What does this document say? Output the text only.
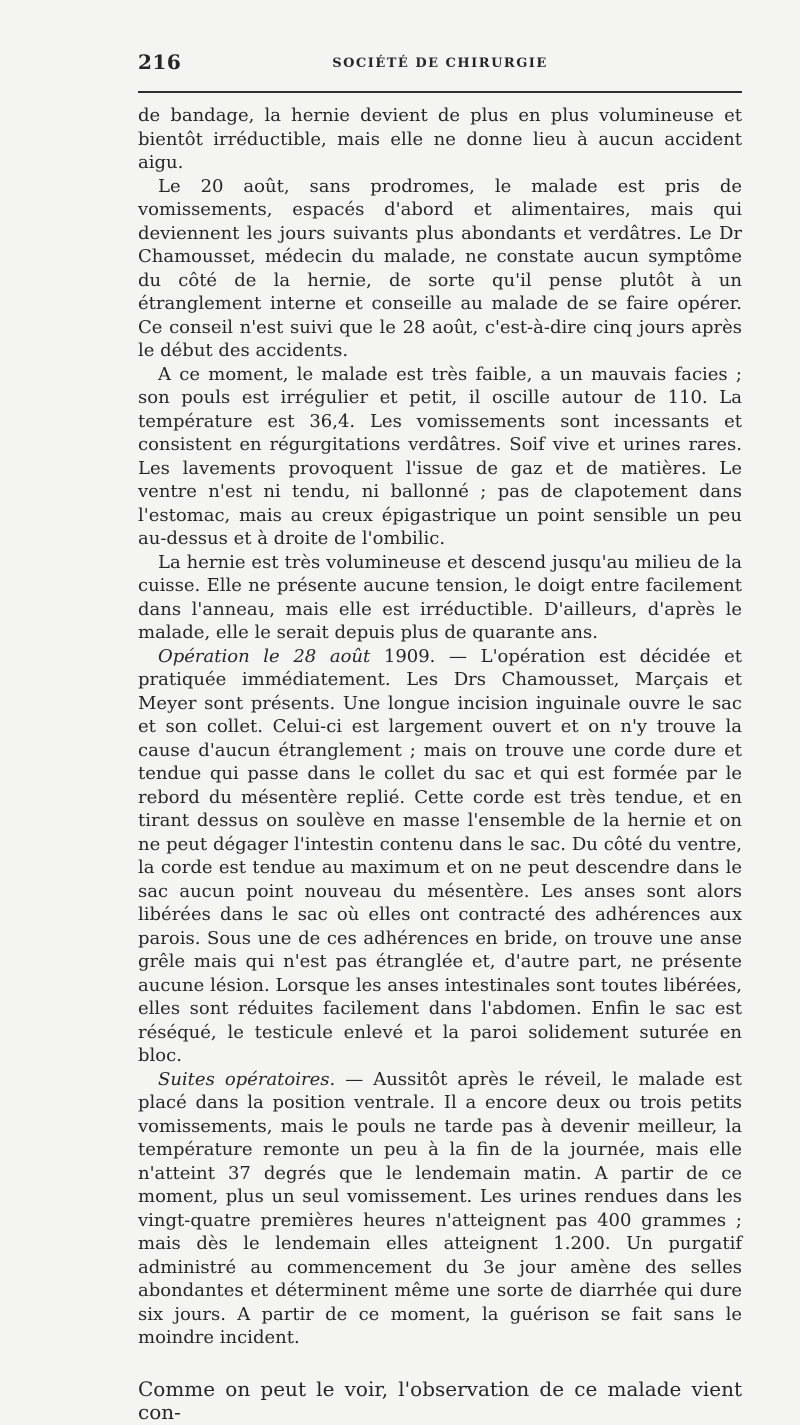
216	SOCIÉTÉ DE CHIRURGIE

de bandage, la hernie devient de plus en plus volumineuse et bientôt irréductible, mais elle ne donne lieu à aucun accident aigu.

Le 20 août, sans prodromes, le malade est pris de vomissements, espacés d'abord et alimentaires, mais qui deviennent les jours suivants plus abondants et verdâtres. Le Dr Chamousset, médecin du malade, ne constate aucun symptôme du côté de la hernie, de sorte qu'il pense plutôt à un étranglement interne et conseille au malade de se faire opérer. Ce conseil n'est suivi que le 28 août, c'est-à-dire cinq jours après le début des accidents.

A ce moment, le malade est très faible, a un mauvais facies ; son pouls est irrégulier et petit, il oscille autour de 110. La température est 36,4. Les vomissements sont incessants et consistent en régurgitations verdâtres. Soif vive et urines rares. Les lavements provoquent l'issue de gaz et de matières. Le ventre n'est ni tendu, ni ballonné ; pas de clapotement dans l'estomac, mais au creux épigastrique un point sensible un peu au-dessus et à droite de l'ombilic.

La hernie est très volumineuse et descend jusqu'au milieu de la cuisse. Elle ne présente aucune tension, le doigt entre facilement dans l'anneau, mais elle est irréductible. D'ailleurs, d'après le malade, elle le serait depuis plus de quarante ans.

Opération le 28 août 1909. — L'opération est décidée et pratiquée immédiatement. Les Drs Chamousset, Marçais et Meyer sont présents. Une longue incision inguinale ouvre le sac et son collet. Celui-ci est largement ouvert et on n'y trouve la cause d'aucun étranglement ; mais on trouve une corde dure et tendue qui passe dans le collet du sac et qui est formée par le rebord du mésentère replié. Cette corde est très tendue, et en tirant dessus on soulève en masse l'ensemble de la hernie et on ne peut dégager l'intestin contenu dans le sac. Du côté du ventre, la corde est tendue au maximum et on ne peut descendre dans le sac aucun point nouveau du mésentère. Les anses sont alors libérées dans le sac où elles ont contracté des adhérences aux parois. Sous une de ces adhérences en bride, on trouve une anse grêle mais qui n'est pas étranglée et, d'autre part, ne présente aucune lésion. Lorsque les anses intestinales sont toutes libérées, elles sont réduites facilement dans l'abdomen. Enfin le sac est réséqué, le testicule enlevé et la paroi solidement suturée en bloc.

Suites opératoires. — Aussitôt après le réveil, le malade est placé dans la position ventrale. Il a encore deux ou trois petits vomissements, mais le pouls ne tarde pas à devenir meilleur, la température remonte un peu à la fin de la journée, mais elle n'atteint 37 degrés que le lendemain matin. A partir de ce moment, plus un seul vomissement. Les urines rendues dans les vingt-quatre premières heures n'atteignent pas 400 grammes ; mais dès le lendemain elles atteignent 1.200. Un purgatif administré au commencement du 3e jour amène des selles abondantes et déterminent même une sorte de diarrhée qui dure six jours. A partir de ce moment, la guérison se fait sans le moindre incident.

Comme on peut le voir, l'observation de ce malade vient con-
